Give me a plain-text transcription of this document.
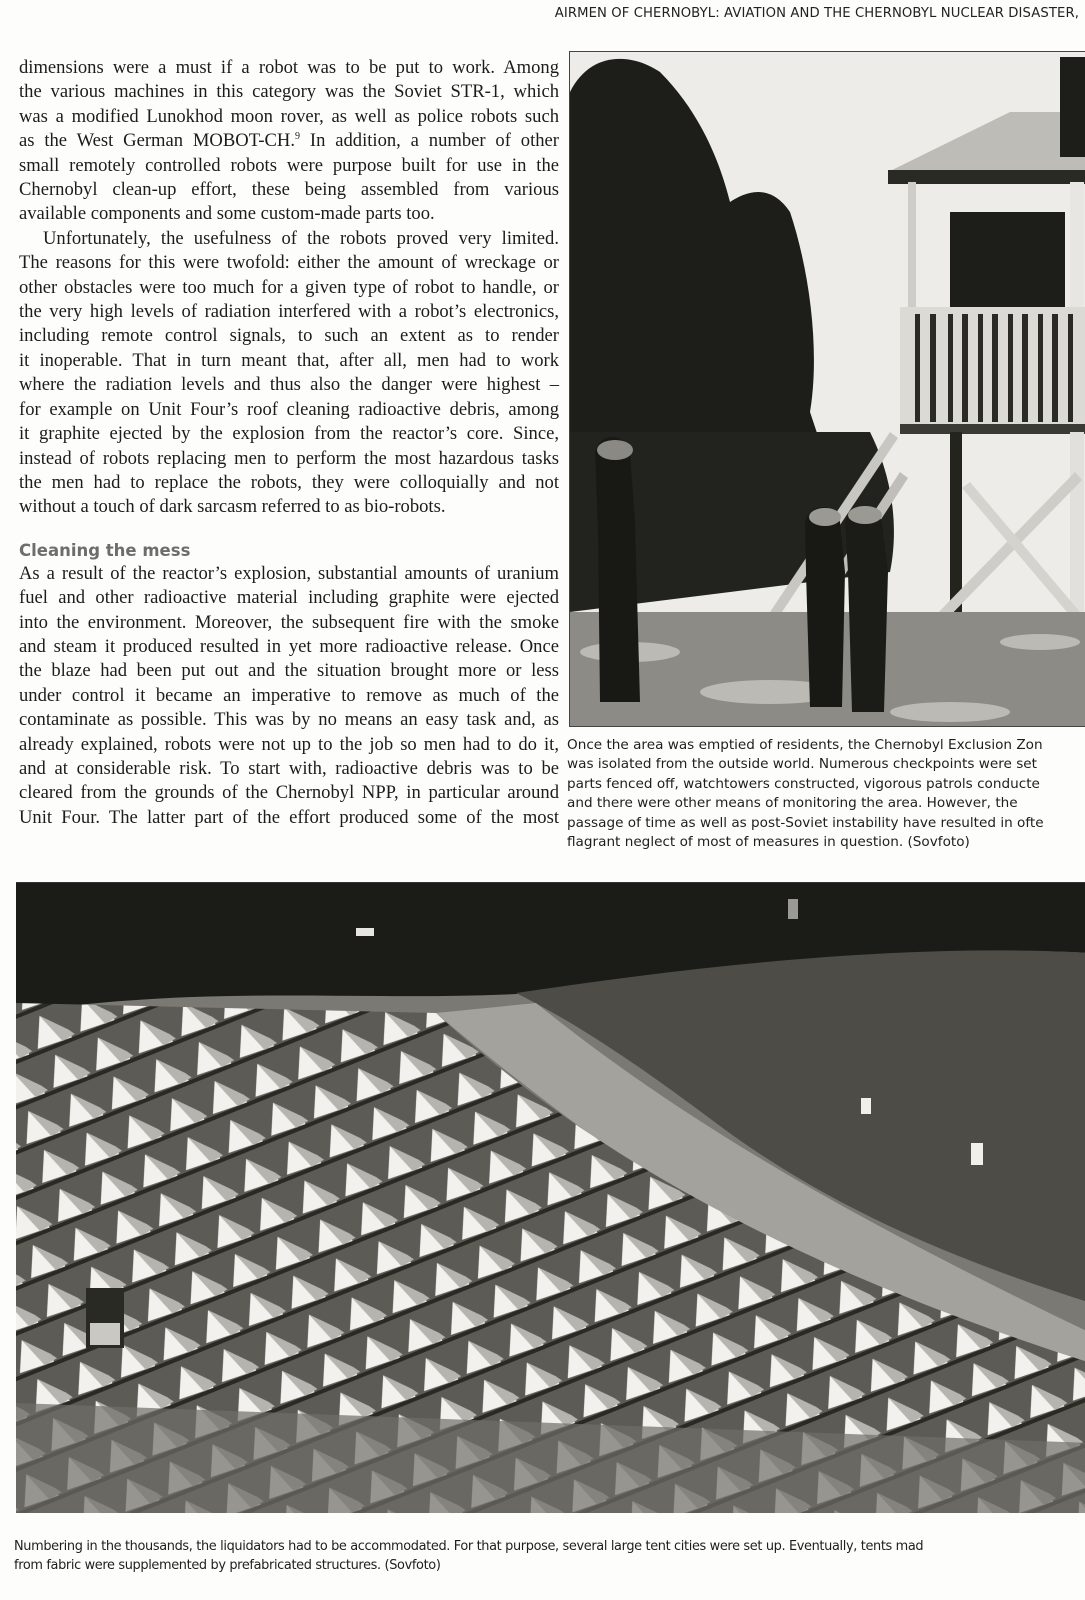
AIRMEN OF CHERNOBYL: AVIATION AND THE CHERNOBYL NUCLEAR DISASTER,

dimensions were a must if a robot was to be put to work. Among
the various machines in this category was the Soviet STR-1, which
was a modified Lunokhod moon rover, as well as police robots such
as the West German MOBOT-CH.$^9$ In addition, a number of other
small remotely controlled robots were purpose built for use in the
Chernobyl clean-up effort, these being assembled from various
available components and some custom-made parts too.

Unfortunately, the usefulness of the robots proved very limited.
The reasons for this were twofold: either the amount of wreckage or
other obstacles were too much for a given type of robot to handle, or
the very high levels of radiation interfered with a robot’s electronics,
including remote control signals, to such an extent as to render
it inoperable. That in turn meant that, after all, men had to work
where the radiation levels and thus also the danger were highest –
for example on Unit Four’s roof cleaning radioactive debris, among
it graphite ejected by the explosion from the reactor’s core. Since,
instead of robots replacing men to perform the most hazardous tasks
the men had to replace the robots, they were colloquially and not
without a touch of dark sarcasm referred to as bio-robots.

Cleaning the mess

As a result of the reactor’s explosion, substantial amounts of uranium
fuel and other radioactive material including graphite were ejected
into the environment. Moreover, the subsequent fire with the smoke
and steam it produced resulted in yet more radioactive release. Once
the blaze had been put out and the situation brought more or less
under control it became an imperative to remove as much of the
contaminate as possible. This was by no means an easy task and, as
already explained, robots were not up to the job so men had to do it,
and at considerable risk. To start with, radioactive debris was to be
cleared from the grounds of the Chernobyl NPP, in particular around
Unit Four. The latter part of the effort produced some of the most

Once the area was emptied of residents, the Chernobyl Exclusion Zon
was isolated from the outside world. Numerous checkpoints were set
parts fenced off, watchtowers constructed, vigorous patrols conducte
and there were other means of monitoring the area. However, the
passage of time as well as post-Soviet instability have resulted in ofte
flagrant neglect of most of measures in question. (Sovfoto)
Numbering in the thousands, the liquidators had to be accommodated. For that purpose, several large tent cities were set up. Eventually, tents mad
from fabric were supplemented by prefabricated structures. (Sovfoto)
